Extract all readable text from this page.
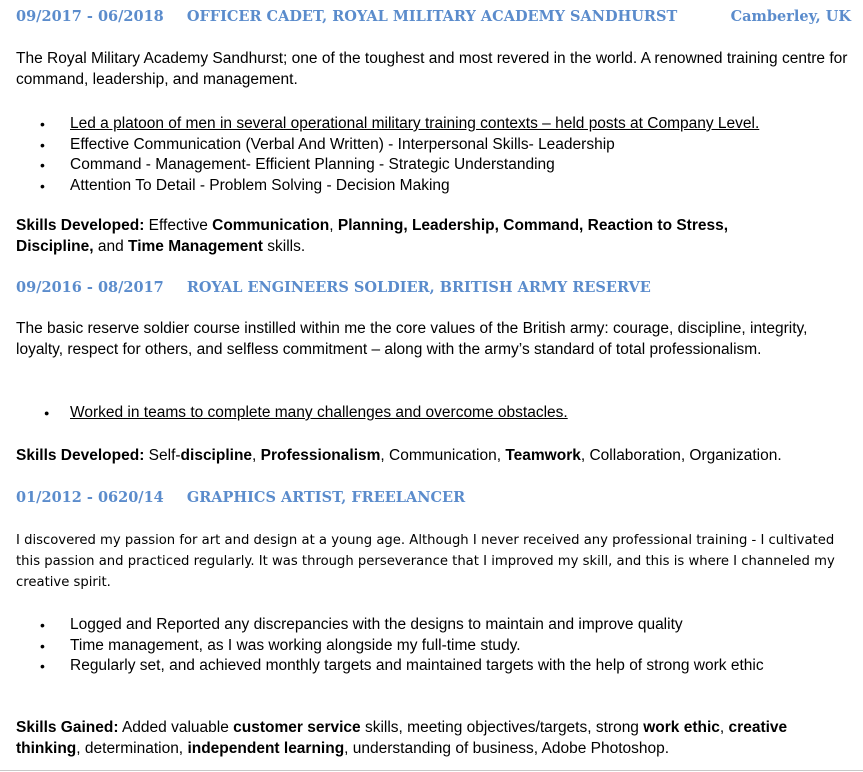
09/2017 - 06/2018 OFFICER CADET, ROYAL MILITARY ACADEMY SANDHURST	Camberley, UK
The Royal Military Academy Sandhurst; one of the toughest and most revered in the world. A renowned training centre for command, leadership, and management.
• Led a platoon of men in several operational military training contexts – held posts at Company Level.
• Effective Communication (Verbal And Written) - Interpersonal Skills- Leadership
• Command - Management- Efficient Planning - Strategic Understanding
• Attention To Detail - Problem Solving - Decision Making
Skills Developed: Effective Communication, Planning, Leadership, Command, Reaction to Stress, Discipline, and Time Management skills.
09/2016 - 08/2017 ROYAL ENGINEERS SOLDIER, BRITISH ARMY RESERVE
The basic reserve soldier course instilled within me the core values of the British army: courage, discipline, integrity, loyalty, respect for others, and selfless commitment – along with the army’s standard of total professionalism.
● Worked in teams to complete many challenges and overcome obstacles.
Skills Developed: Self-discipline, Professionalism, Communication, Teamwork, Collaboration, Organization.
01/2012 - 0620/14 GRAPHICS ARTIST, FREELANCER
I discovered my passion for art and design at a young age. Although I never received any professional training - I cultivated this passion and practiced regularly. It was through perseverance that I improved my skill, and this is where I channeled my creative spirit.
• Logged and Reported any discrepancies with the designs to maintain and improve quality
• Time management, as I was working alongside my full-time study.
• Regularly set, and achieved monthly targets and maintained targets with the help of strong work ethic
Skills Gained: Added valuable customer service skills, meeting objectives/targets, strong work ethic, creative thinking, determination, independent learning, understanding of business, Adobe Photoshop.
